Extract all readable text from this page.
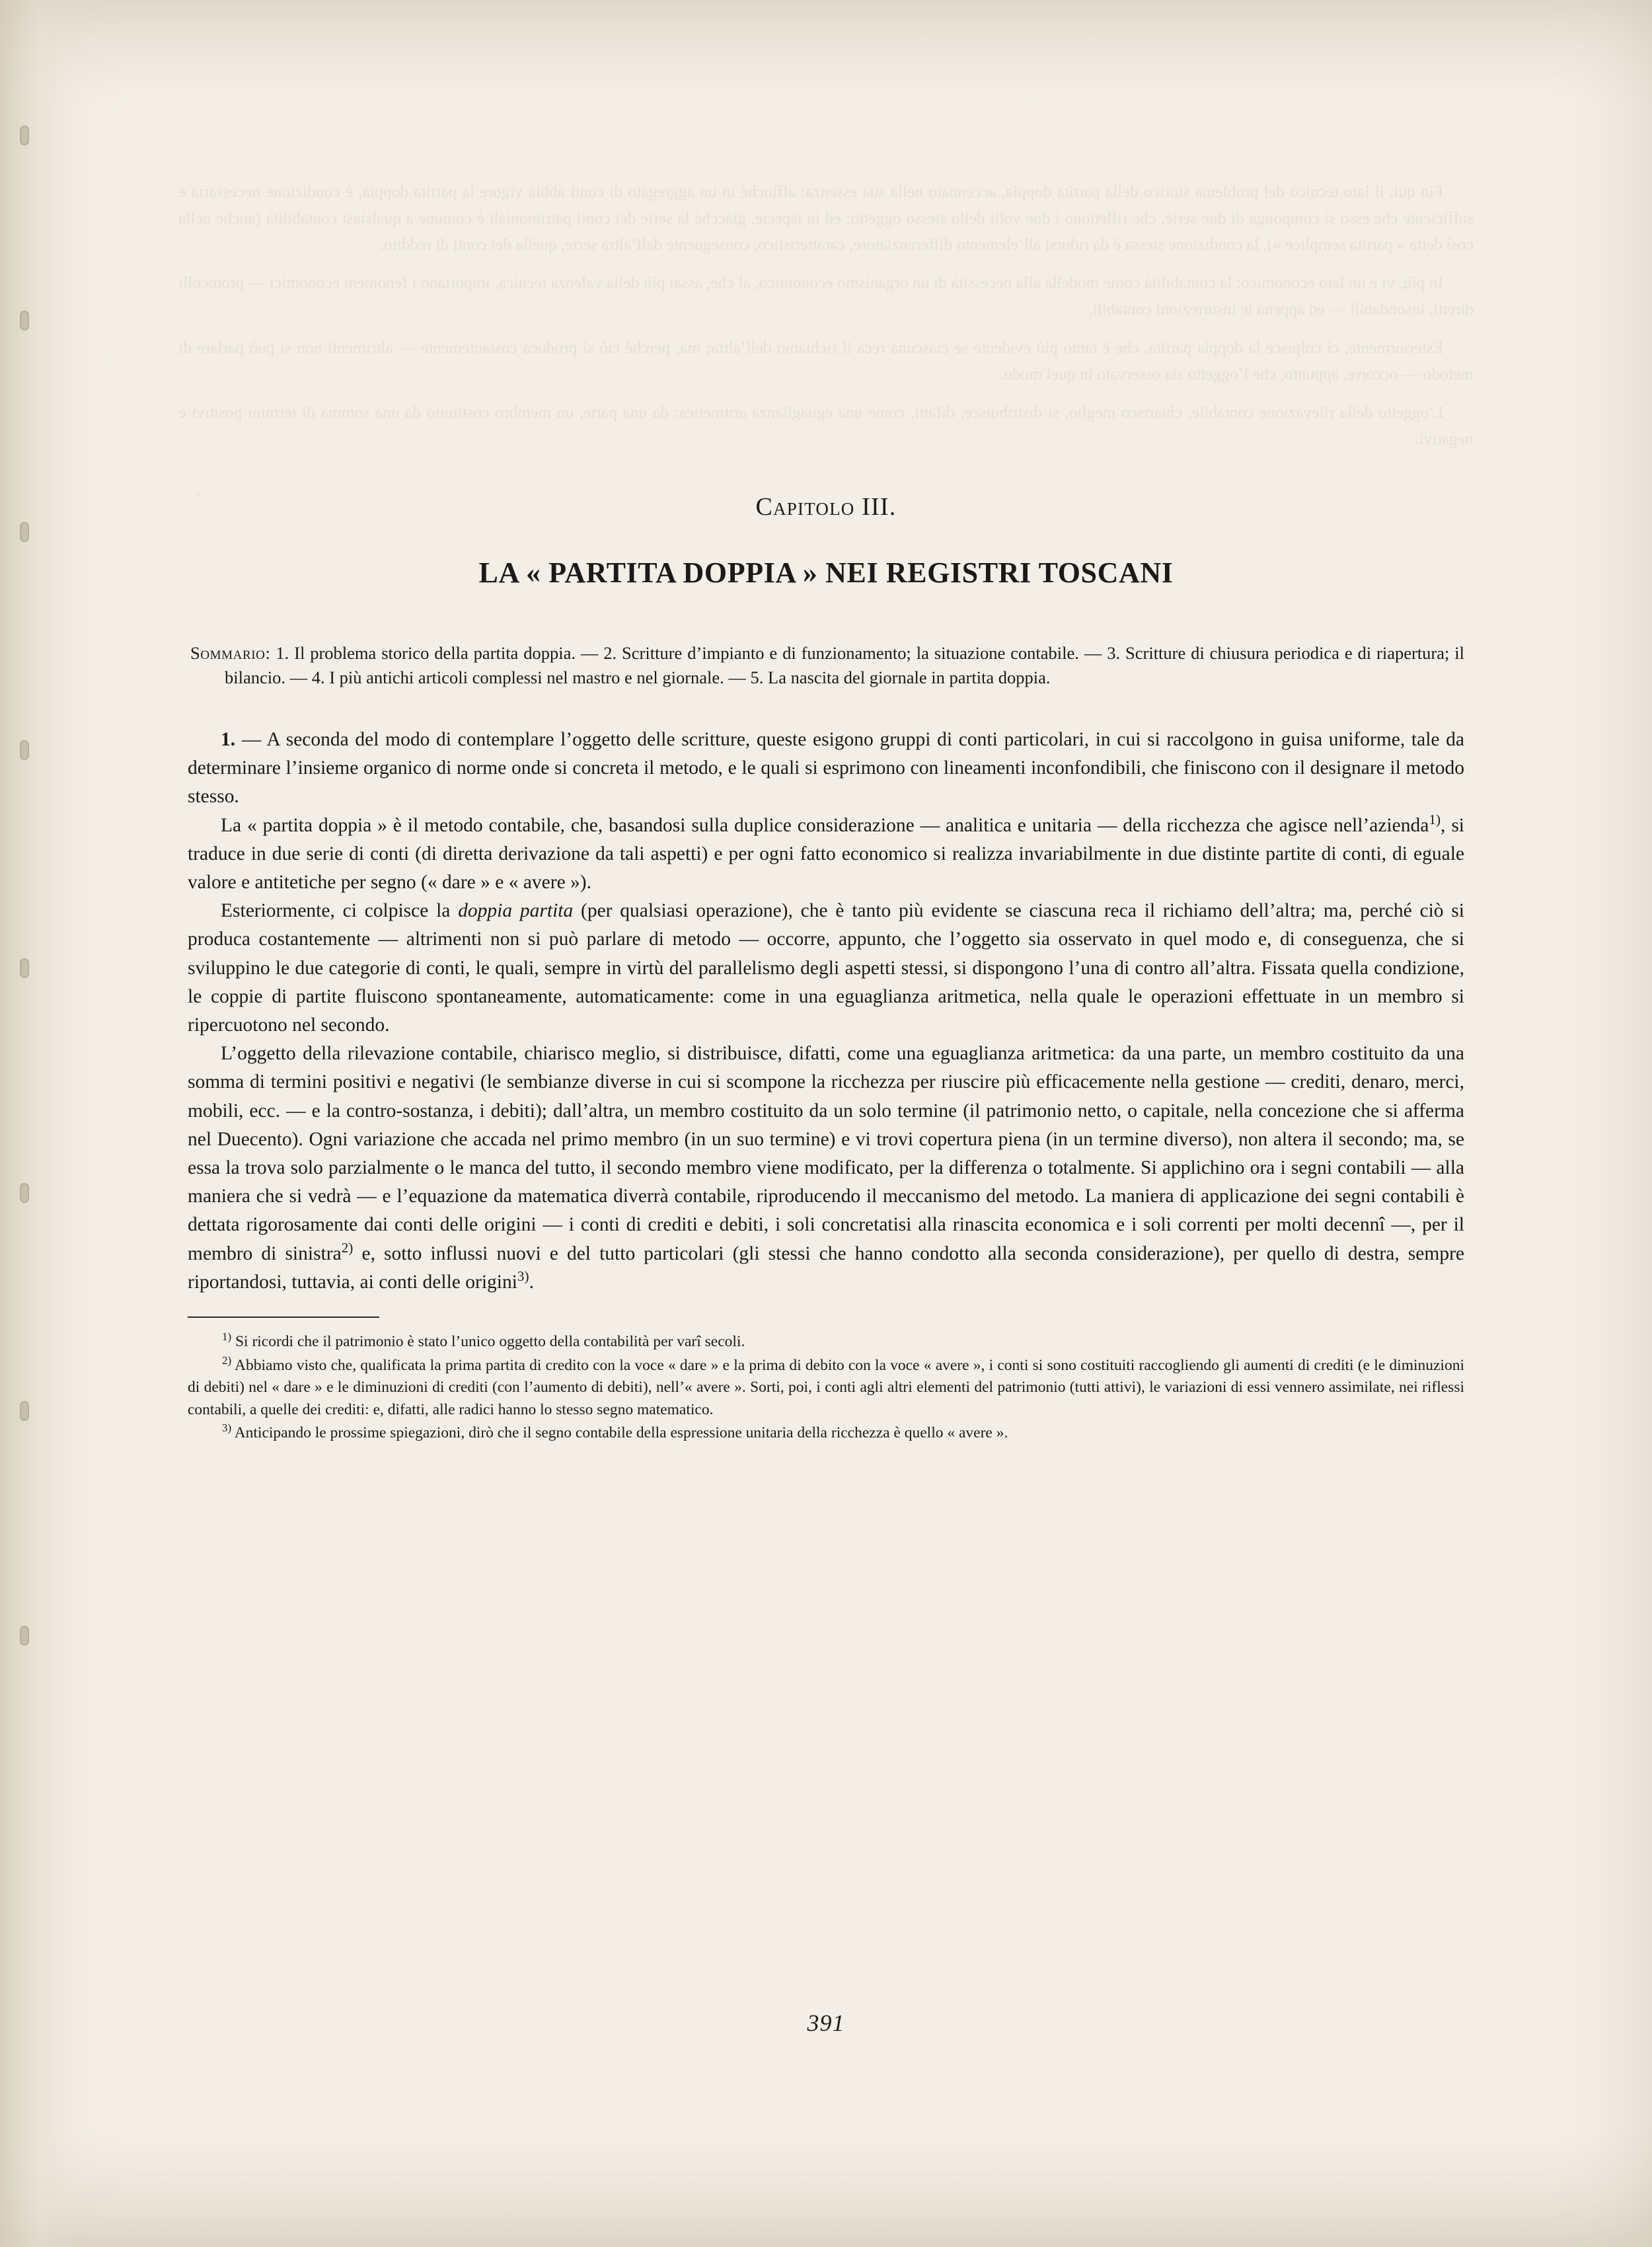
Fin qui, il lato tecnico del problema storico della partita doppia, accennato nella sua essenza: affinché in un aggregato di conti abbia vigore la partita doppia, è condizione necessaria e sufficiente che esso si componga di due serie, che riflettono i due volti dello stesso oggetto; ed in ispecie, giacché la serie dei conti patrimoniali è comune a qualsiasi contabilità (anche nella così detta « partita semplice »), la condizione stessa è da ridursi all’elemento differenziatore, caratteristico, conseguente dall’altra serie, quella dei conti di reddito.

In più, vi è un lato economico: la contabilità come modella alla necessità di un organismo economico, al che, assai più della valenza tecnica, importano i fenomeni economici — protocolli diretti, insondabili — ed appena le insurrezioni contabili.

Esteriormente, ci colpisce la doppia partita, che è tanto più evidente se ciascuna reca il richiamo dell’altra; ma, perché ciò si produca costantemente — altrimenti non si può parlare di metodo — occorre, appunto, che l’oggetto sia osservato in quel modo.

L’oggetto della rilevazione contabile, chiarisco meglio, si distribuisce, difatti, come una eguaglianza aritmetica: da una parte, un membro costituito da una somma di termini positivi e negativi.

Capitolo III.
LA « PARTITA DOPPIA » NEI REGISTRI TOSCANI
Sommario: 1. Il problema storico della partita doppia. — 2. Scritture d’impianto e di funzionamento; la situazione contabile. — 3. Scritture di chiusura periodica e di riapertura; il bilancio. — 4. I più antichi articoli complessi nel mastro e nel giornale. — 5. La nascita del giornale in partita doppia.

1. — A seconda del modo di contemplare l’oggetto delle scritture, queste esigono gruppi di conti particolari, in cui si raccolgono in guisa uniforme, tale da determinare l’insieme organico di norme onde si concreta il metodo, e le quali si esprimono con lineamenti inconfondibili, che finiscono con il designare il metodo stesso.

La « partita doppia » è il metodo contabile, che, basandosi sulla duplice considerazione — analitica e unitaria — della ricchezza che agisce nell’azienda$^{1)}$, si traduce in due serie di conti (di diretta derivazione da tali aspetti) e per ogni fatto economico si realizza invariabilmente in due distinte partite di conti, di eguale valore e antitetiche per segno (« dare » e « avere »).

Esteriormente, ci colpisce la doppia partita (per qualsiasi operazione), che è tanto più evidente se ciascuna reca il richiamo dell’altra; ma, perché ciò si produca costantemente — altrimenti non si può parlare di metodo — occorre, appunto, che l’oggetto sia osservato in quel modo e, di conseguenza, che si sviluppino le due categorie di conti, le quali, sempre in virtù del parallelismo degli aspetti stessi, si dispongono l’una di contro all’altra. Fissata quella condizione, le coppie di partite fluiscono spontaneamente, automaticamente: come in una eguaglianza aritmetica, nella quale le operazioni effettuate in un membro si ripercuotono nel secondo.

L’oggetto della rilevazione contabile, chiarisco meglio, si distribuisce, difatti, come una eguaglianza aritmetica: da una parte, un membro costituito da una somma di termini positivi e negativi (le sembianze diverse in cui si scompone la ricchezza per riuscire più efficacemente nella gestione — crediti, denaro, merci, mobili, ecc. — e la contro-sostanza, i debiti); dall’altra, un membro costituito da un solo termine (il patrimonio netto, o capitale, nella concezione che si afferma nel Duecento). Ogni variazione che accada nel primo membro (in un suo termine) e vi trovi copertura piena (in un termine diverso), non altera il secondo; ma, se essa la trova solo parzialmente o le manca del tutto, il secondo membro viene modificato, per la differenza o totalmente. Si applichino ora i segni contabili — alla maniera che si vedrà — e l’equazione da matematica diverrà contabile, riproducendo il meccanismo del metodo. La maniera di applicazione dei segni contabili è dettata rigorosamente dai conti delle origini — i conti di crediti e debiti, i soli concretatisi alla rinascita economica e i soli correnti per molti decennî —, per il membro di sinistra$^{2)}$ e, sotto influssi nuovi e del tutto particolari (gli stessi che hanno condotto alla seconda considerazione), per quello di destra, sempre riportandosi, tuttavia, ai conti delle origini$^{3)}$.

$^{1)}$ Si ricordi che il patrimonio è stato l’unico oggetto della contabilità per varî secoli.

$^{2)}$ Abbiamo visto che, qualificata la prima partita di credito con la voce « dare » e la prima di debito con la voce « avere », i conti si sono costituiti raccogliendo gli aumenti di crediti (e le diminuzioni di debiti) nel « dare » e le diminuzioni di crediti (con l’aumento di debiti), nell’« avere ». Sorti, poi, i conti agli altri elementi del patrimonio (tutti attivi), le variazioni di essi vennero assimilate, nei riflessi contabili, a quelle dei crediti: e, difatti, alle radici hanno lo stesso segno matematico.

$^{3)}$ Anticipando le prossime spiegazioni, dirò che il segno contabile della espressione unitaria della ricchezza è quello « avere ».

391
